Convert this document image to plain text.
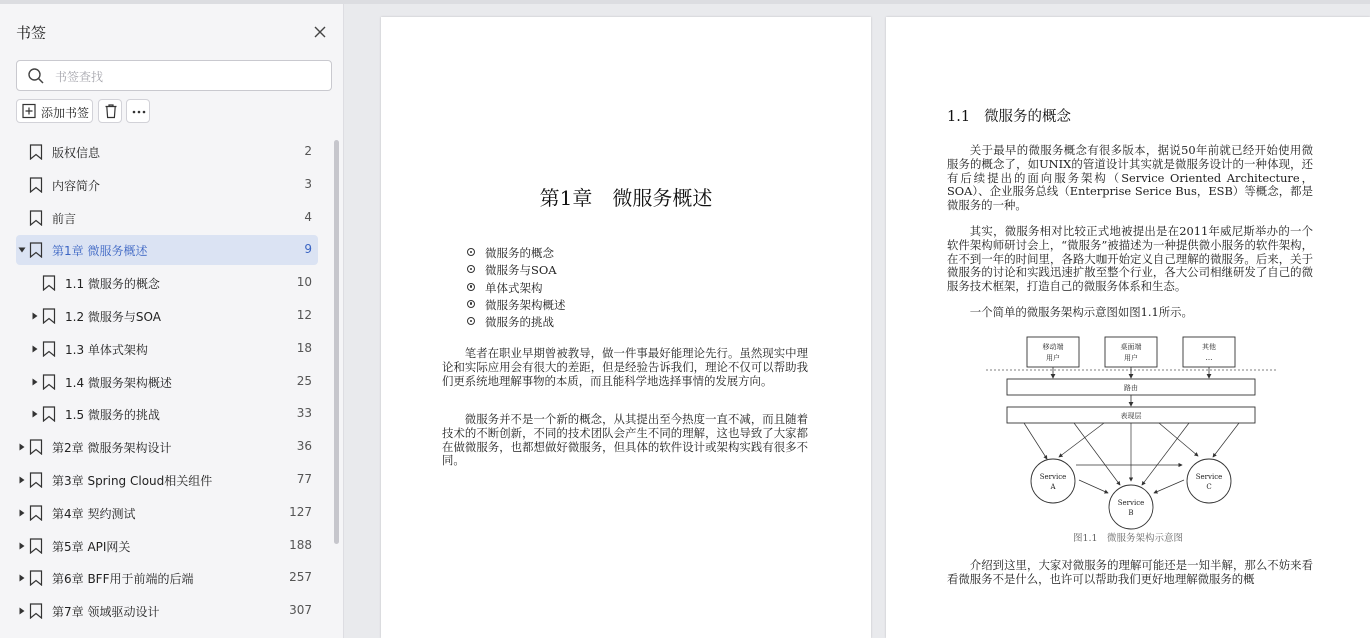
书签
书签查找
添加书签
版权信息	2
内容简介	3
前言	4
第1章 微服务概述	9
1.1 微服务的概念	10
1.2 微服务与SOA	12
1.3 单体式架构	18
1.4 微服务架构概述	25
1.5 微服务的挑战	33
第2章 微服务架构设计	36
第3章 Spring Cloud相关组件	77
第4章 契约测试	127
第5章 API网关	188
第6章 BFF用于前端的后端	257
第7章 领域驱动设计	307
第1章　微服务概述
微服务的概念
微服务与SOA
单体式架构
微服务架构概述
微服务的挑战
笔者在职业早期曾被教导，做一件事最好能理论先行。虽然现实中理论和实际应用会有很大的差距，但是经验告诉我们，理论不仅可以帮助我们更系统地理解事物的本质，而且能科学地选择事情的发展方向。
微服务并不是一个新的概念，从其提出至今热度一直不减，而且随着技术的不断创新，不同的技术团队会产生不同的理解，这也导致了大家都在做微服务，也都想做好微服务，但具体的软件设计或架构实践有很多不同。
1.1 微服务的概念
关于最早的微服务概念有很多版本，据说50年前就已经开始使用微服务的概念了，如UNIX的管道设计其实就是微服务设计的一种体现，还有后续提出的面向服务架构（Service Oriented Architecture，SOA）、企业服务总线（Enterprise Serice Bus，ESB）等概念，都是微服务的一种。
其实，微服务相对比较正式地被提出是在2011年威尼斯举办的一个软件架构师研讨会上，“微服务”被描述为一种提供微小服务的软件架构，在不到一年的时间里，各路大咖开始定义自己理解的微服务。后来，关于微服务的讨论和实践迅速扩散至整个行业，各大公司相继研发了自己的微服务技术框架，打造自己的微服务体系和生态。
一个简单的微服务架构示意图如图1.1所示。
移动端
用户
桌面端
用户
其他
…
路由
表现层
Service
A
Service
B
Service
C
图1.1　微服务架构示意图
介绍到这里，大家对微服务的理解可能还是一知半解，那么不妨来看看微服务不是什么，也许可以帮助我们更好地理解微服务的概
